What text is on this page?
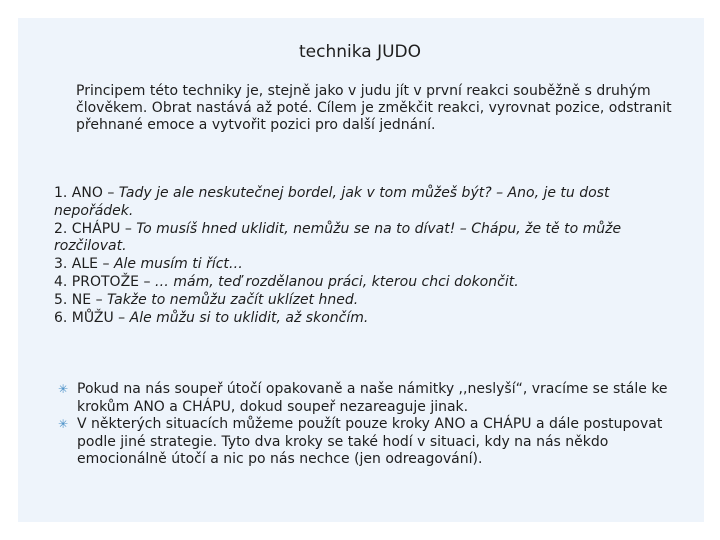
technika JUDO

Principem této techniky je, stejně jako v judu jít v první reakci souběžně s druhým člověkem. Obrat nastává až poté. Cílem je změkčit reakci, vyrovnat pozice, odstranit přehnané emoce a vytvořit pozici pro další jednání.

1. ANO – Tady je ale neskutečnej bordel, jak v tom můžeš být? – Ano, je tu dost nepořádek.
2. CHÁPU – To musíš hned uklidit, nemůžu se na to dívat! – Chápu, že tě to může rozčilovat.
3. ALE – Ale musím ti říct…
4. PROTOŽE – … mám, teď rozdělanou práci, kterou chci dokončit.
5. NE – Takže to nemůžu začít uklízet hned.
6. MŮŽU – Ale můžu si to uklidit, až skončím.
✳ Pokud na nás soupeř útočí opakovaně a naše námitky ,,neslyší“, vracíme se stále ke krokům ANO a CHÁPU, dokud soupeř nezareaguje jinak.
✳ V některých situacích můžeme použít pouze kroky ANO a CHÁPU a dále postupovat podle jiné strategie. Tyto dva kroky se také hodí v situaci, kdy na nás někdo emocionálně útočí a nic po nás nechce (jen odreagování).
